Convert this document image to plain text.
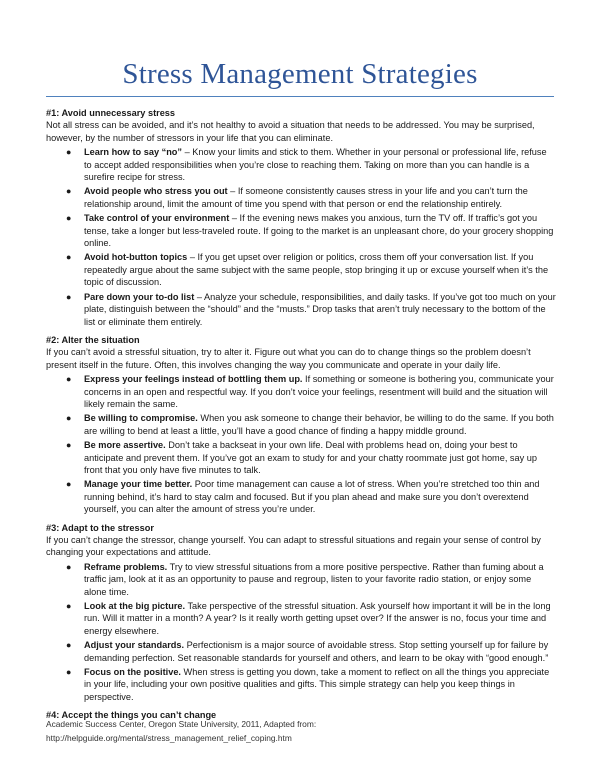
Stress Management Strategies
#1: Avoid unnecessary stress
Not all stress can be avoided, and it’s not healthy to avoid a situation that needs to be addressed. You may be surprised, however, by the number of stressors in your life that you can eliminate.
● Learn how to say “no” – Know your limits and stick to them. Whether in your personal or professional life, refuse to accept added responsibilities when you’re close to reaching them. Taking on more than you can handle is a surefire recipe for stress.
● Avoid people who stress you out – If someone consistently causes stress in your life and you can’t turn the relationship around, limit the amount of time you spend with that person or end the relationship entirely.
● Take control of your environment – If the evening news makes you anxious, turn the TV off. If traffic’s got you tense, take a longer but less-traveled route. If going to the market is an unpleasant chore, do your grocery shopping online.
● Avoid hot-button topics – If you get upset over religion or politics, cross them off your conversation list. If you repeatedly argue about the same subject with the same people, stop bringing it up or excuse yourself when it’s the topic of discussion.
● Pare down your to-do list – Analyze your schedule, responsibilities, and daily tasks. If you’ve got too much on your plate, distinguish between the “should” and the “musts.” Drop tasks that aren’t truly necessary to the bottom of the list or eliminate them entirely.
#2: Alter the situation
If you can’t avoid a stressful situation, try to alter it. Figure out what you can do to change things so the problem doesn’t present itself in the future. Often, this involves changing the way you communicate and operate in your daily life.
● Express your feelings instead of bottling them up. If something or someone is bothering you, communicate your concerns in an open and respectful way. If you don’t voice your feelings, resentment will build and the situation will likely remain the same.
● Be willing to compromise. When you ask someone to change their behavior, be willing to do the same. If you both are willing to bend at least a little, you’ll have a good chance of finding a happy middle ground.
● Be more assertive. Don’t take a backseat in your own life. Deal with problems head on, doing your best to anticipate and prevent them. If you’ve got an exam to study for and your chatty roommate just got home, say up front that you only have five minutes to talk.
● Manage your time better. Poor time management can cause a lot of stress. When you’re stretched too thin and running behind, it’s hard to stay calm and focused. But if you plan ahead and make sure you don’t overextend yourself, you can alter the amount of stress you’re under.
#3: Adapt to the stressor
If you can’t change the stressor, change yourself. You can adapt to stressful situations and regain your sense of control by changing your expectations and attitude.
● Reframe problems. Try to view stressful situations from a more positive perspective. Rather than fuming about a traffic jam, look at it as an opportunity to pause and regroup, listen to your favorite radio station, or enjoy some alone time.
● Look at the big picture. Take perspective of the stressful situation. Ask yourself how important it will be in the long run. Will it matter in a month? A year? Is it really worth getting upset over? If the answer is no, focus your time and energy elsewhere.
● Adjust your standards. Perfectionism is a major source of avoidable stress. Stop setting yourself up for failure by demanding perfection. Set reasonable standards for yourself and others, and learn to be okay with “good enough.”
● Focus on the positive. When stress is getting you down, take a moment to reflect on all the things you appreciate in your life, including your own positive qualities and gifts. This simple strategy can help you keep things in perspective.
#4: Accept the things you can’t change
Academic Success Center, Oregon State University, 2011, Adapted from:
http://helpguide.org/mental/stress_management_relief_coping.htm
